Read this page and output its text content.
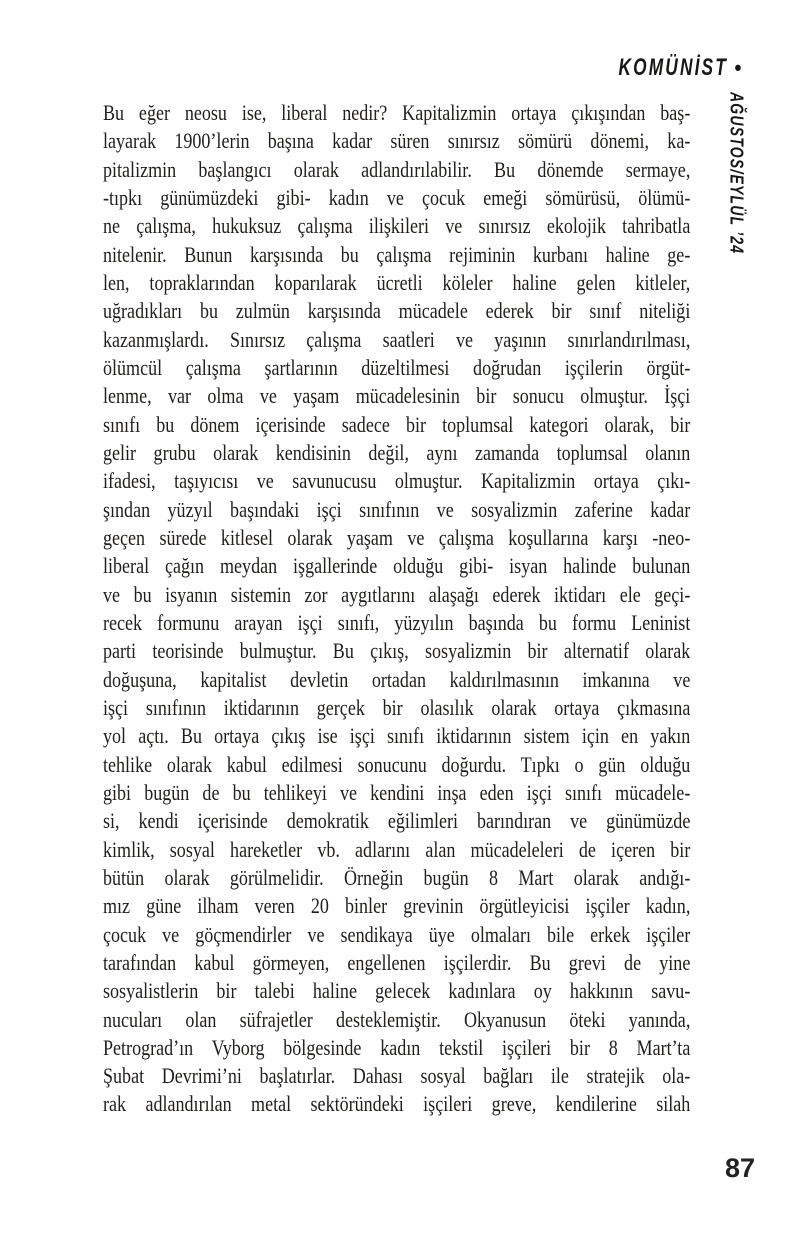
KOMÜNİST •
AĞUSTOS/EYLÜL ’24
Bu eğer neosu ise, liberal nedir? Kapitalizmin ortaya çıkışından baş-
layarak 1900’lerin başına kadar süren sınırsız sömürü dönemi, ka-
pitalizmin başlangıcı olarak adlandırılabilir. Bu dönemde sermaye,
-tıpkı günümüzdeki gibi- kadın ve çocuk emeği sömürüsü, ölümü-
ne çalışma, hukuksuz çalışma ilişkileri ve sınırsız ekolojik tahribatla
nitelenir. Bunun karşısında bu çalışma rejiminin kurbanı haline ge-
len, topraklarından koparılarak ücretli köleler haline gelen kitleler,
uğradıkları bu zulmün karşısında mücadele ederek bir sınıf niteliği
kazanmışlardı. Sınırsız çalışma saatleri ve yaşının sınırlandırılması,
ölümcül çalışma şartlarının düzeltilmesi doğrudan işçilerin örgüt-
lenme, var olma ve yaşam mücadelesinin bir sonucu olmuştur. İşçi
sınıfı bu dönem içerisinde sadece bir toplumsal kategori olarak, bir
gelir grubu olarak kendisinin değil, aynı zamanda toplumsal olanın
ifadesi, taşıyıcısı ve savunucusu olmuştur. Kapitalizmin ortaya çıkı-
şından yüzyıl başındaki işçi sınıfının ve sosyalizmin zaferine kadar
geçen sürede kitlesel olarak yaşam ve çalışma koşullarına karşı -neo-
liberal çağın meydan işgallerinde olduğu gibi- isyan halinde bulunan
ve bu isyanın sistemin zor aygıtlarını alaşağı ederek iktidarı ele geçi-
recek formunu arayan işçi sınıfı, yüzyılın başında bu formu Leninist
parti teorisinde bulmuştur. Bu çıkış, sosyalizmin bir alternatif olarak
doğuşuna, kapitalist devletin ortadan kaldırılmasının imkanına ve
işçi sınıfının iktidarının gerçek bir olasılık olarak ortaya çıkmasına
yol açtı. Bu ortaya çıkış ise işçi sınıfı iktidarının sistem için en yakın
tehlike olarak kabul edilmesi sonucunu doğurdu. Tıpkı o gün olduğu
gibi bugün de bu tehlikeyi ve kendini inşa eden işçi sınıfı mücadele-
si, kendi içerisinde demokratik eğilimleri barındıran ve günümüzde
kimlik, sosyal hareketler vb. adlarını alan mücadeleleri de içeren bir
bütün olarak görülmelidir. Örneğin bugün 8 Mart olarak andığı-
mız güne ilham veren 20 binler grevinin örgütleyicisi işçiler kadın,
çocuk ve göçmendirler ve sendikaya üye olmaları bile erkek işçiler
tarafından kabul görmeyen, engellenen işçilerdir. Bu grevi de yine
sosyalistlerin bir talebi haline gelecek kadınlara oy hakkının savu-
nucuları olan süfrajetler desteklemiştir. Okyanusun öteki yanında,
Petrograd’ın Vyborg bölgesinde kadın tekstil işçileri bir 8 Mart’ta
Şubat Devrimi’ni başlatırlar. Dahası sosyal bağları ile stratejik ola-
rak adlandırılan metal sektöründeki işçileri greve, kendilerine silah
87
